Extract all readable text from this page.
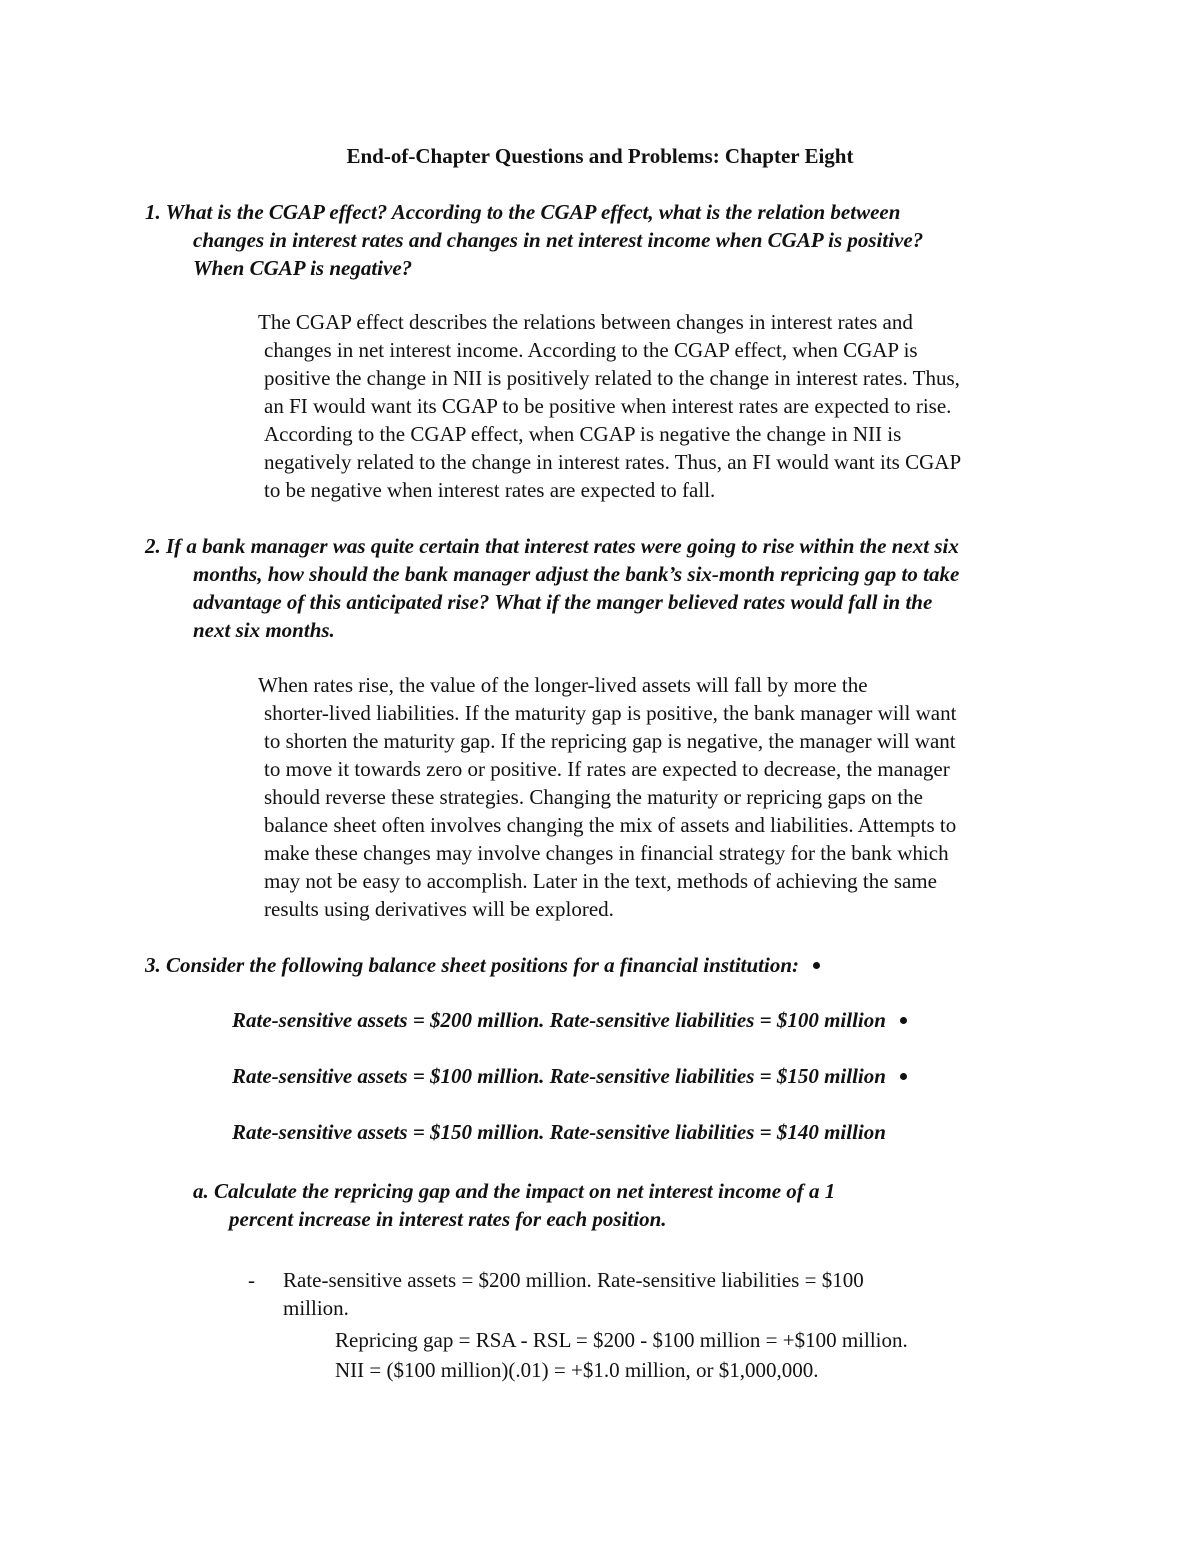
End-of-Chapter Questions and Problems: Chapter Eight
1. What is the CGAP effect? According to the CGAP effect, what is the relation between
changes in interest rates and changes in net interest income when CGAP is positive?
When CGAP is negative?
The CGAP effect describes the relations between changes in interest rates and
changes in net interest income. According to the CGAP effect, when CGAP is
positive the change in NII is positively related to the change in interest rates. Thus,
an FI would want its CGAP to be positive when interest rates are expected to rise.
According to the CGAP effect, when CGAP is negative the change in NII is
negatively related to the change in interest rates. Thus, an FI would want its CGAP
to be negative when interest rates are expected to fall.
2. If a bank manager was quite certain that interest rates were going to rise within the next six
months, how should the bank manager adjust the bank’s six-month repricing gap to take
advantage of this anticipated rise? What if the manger believed rates would fall in the
next six months.
When rates rise, the value of the longer-lived assets will fall by more the
shorter-lived liabilities. If the maturity gap is positive, the bank manager will want
to shorten the maturity gap. If the repricing gap is negative, the manager will want
to move it towards zero or positive. If rates are expected to decrease, the manager
should reverse these strategies. Changing the maturity or repricing gaps on the
balance sheet often involves changing the mix of assets and liabilities. Attempts to
make these changes may involve changes in financial strategy for the bank which
may not be easy to accomplish. Later in the text, methods of achieving the same
results using derivatives will be explored.
3. Consider the following balance sheet positions for a financial institution:
Rate-sensitive assets = $200 million. Rate-sensitive liabilities = $100 million
Rate-sensitive assets = $100 million. Rate-sensitive liabilities = $150 million
Rate-sensitive assets = $150 million. Rate-sensitive liabilities = $140 million
a. Calculate the repricing gap and the impact on net interest income of a 1
percent increase in interest rates for each position.
- Rate-sensitive assets = $200 million. Rate-sensitive liabilities = $100
million.
Repricing gap = RSA - RSL = $200 - $100 million = +$100 million.
NII = ($100 million)(.01) = +$1.0 million, or $1,000,000.
